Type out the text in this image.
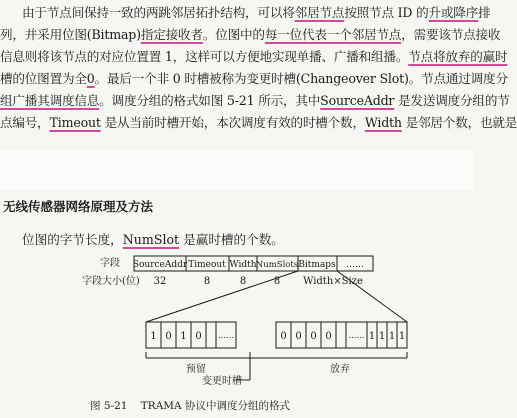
由于节点间保持一致的两跳邻居拓扑结构，可以将邻居节点按照节点 ID 的升或降序排
列，并采用位图(Bitmap)指定接收者。位图中的每一位代表一个邻居节点，需要该节点接收
信息则将该节点的对应位置置 1，这样可以方便地实现单播、广播和组播。节点将放弃的赢时
槽的位图置为全0。最后一个非 0 时槽被称为变更时槽(Changeover Slot)。节点通过调度分
组广播其调度信息。调度分组的格式如图 5-21 所示，其中SourceAddr 是发送调度分组的节
点编号，Timeout 是从当前时槽开始，本次调度有效的时槽个数，Width 是邻居个数，也就是
无线传感器网络原理及方法
位图的字节长度，NumSlot 是赢时槽的个数。
字段 SourceAddr Timeout Width NumSlots Bitmaps ……
字段大小(位) 32	8	8	8 Width×Size
1 0 1 0 ……	0 0 0 0 …… 1 1 1 1
预留	放弃
变更时槽
图 5-21    TRAMA 协议中调度分组的格式
